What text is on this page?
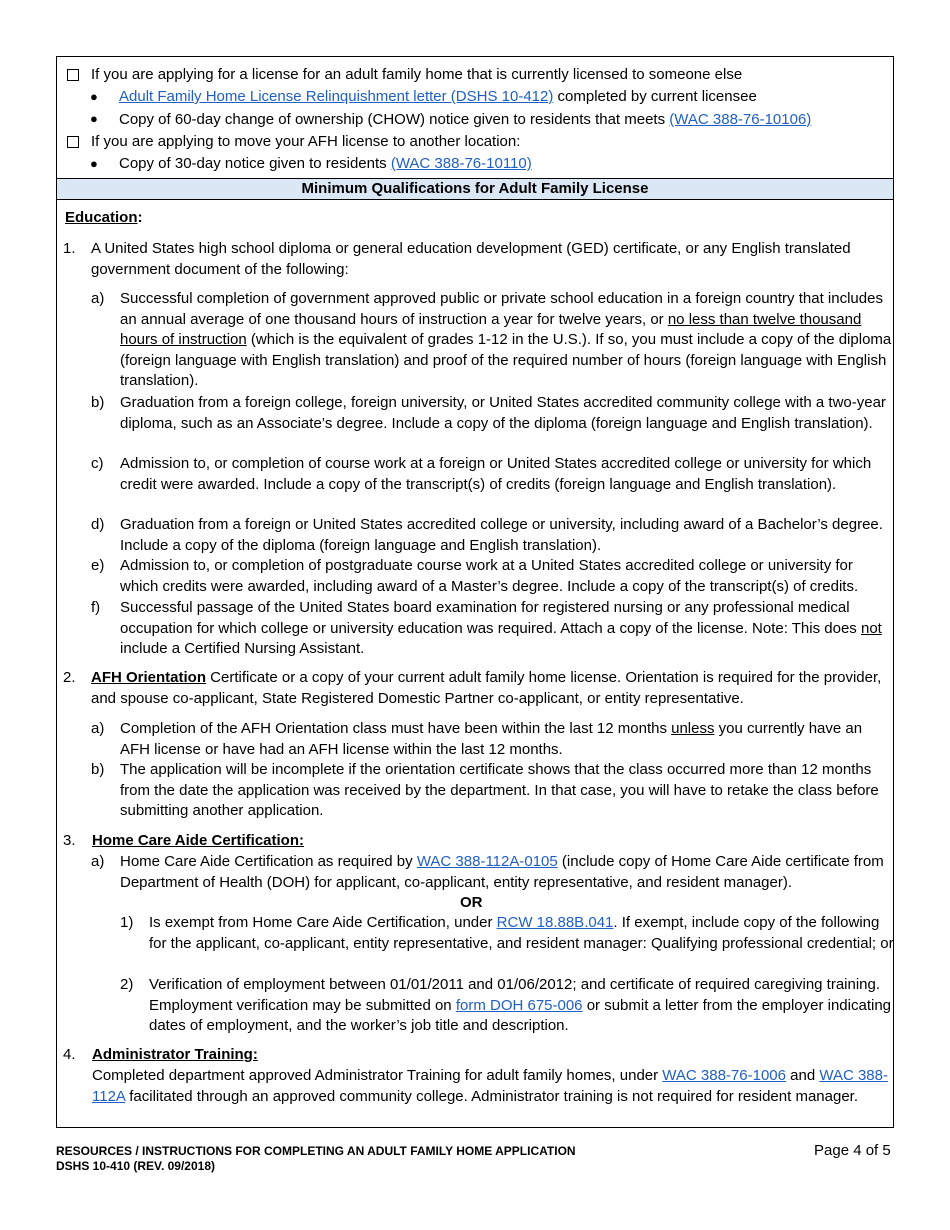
If you are applying for a license for an adult family home that is currently licensed to someone else
● Adult Family Home License Relinquishment letter (DSHS 10-412) completed by current licensee
● Copy of 60-day change of ownership (CHOW) notice given to residents that meets (WAC 388-76-10106)
If you are applying to move your AFH license to another location:
● Copy of 30-day notice given to residents (WAC 388-76-10110)
Minimum Qualifications for Adult Family License
Education:
1. A United States high school diploma or general education development (GED) certificate, or any English translated government document of the following:
a) Successful completion of government approved public or private school education in a foreign country that includes an annual average of one thousand hours of instruction a year for twelve years, or no less than twelve thousand hours of instruction (which is the equivalent of grades 1-12 in the U.S.). If so, you must include a copy of the diploma (foreign language with English translation) and proof of the required number of hours (foreign language with English translation).
b) Graduation from a foreign college, foreign university, or United States accredited community college with a two-year diploma, such as an Associate’s degree. Include a copy of the diploma (foreign language and English translation).
c) Admission to, or completion of course work at a foreign or United States accredited college or university for which credit were awarded. Include a copy of the transcript(s) of credits (foreign language and English translation).
d) Graduation from a foreign or United States accredited college or university, including award of a Bachelor’s degree. Include a copy of the diploma (foreign language and English translation).
e) Admission to, or completion of postgraduate course work at a United States accredited college or university for which credits were awarded, including award of a Master’s degree. Include a copy of the transcript(s) of credits.
f) Successful passage of the United States board examination for registered nursing or any professional medical occupation for which college or university education was required. Attach a copy of the license. Note: This does not include a Certified Nursing Assistant.
2. AFH Orientation Certificate or a copy of your current adult family home license. Orientation is required for the provider, and spouse co-applicant, State Registered Domestic Partner co-applicant, or entity representative.
a) Completion of the AFH Orientation class must have been within the last 12 months unless you currently have an AFH license or have had an AFH license within the last 12 months.
b) The application will be incomplete if the orientation certificate shows that the class occurred more than 12 months from the date the application was received by the department. In that case, you will have to retake the class before submitting another application.
3. Home Care Aide Certification:
a) Home Care Aide Certification as required by WAC 388-112A-0105 (include copy of Home Care Aide certificate from Department of Health (DOH) for applicant, co-applicant, entity representative, and resident manager).
OR
1) Is exempt from Home Care Aide Certification, under RCW 18.88B.041. If exempt, include copy of the following for the applicant, co-applicant, entity representative, and resident manager: Qualifying professional credential; or
2) Verification of employment between 01/01/2011 and 01/06/2012; and certificate of required caregiving training. Employment verification may be submitted on form DOH 675-006 or submit a letter from the employer indicating dates of employment, and the worker’s job title and description.
4. Administrator Training:
Completed department approved Administrator Training for adult family homes, under WAC 388-76-1006 and WAC 388-112A facilitated through an approved community college. Administrator training is not required for resident manager.
RESOURCES / INSTRUCTIONS FOR COMPLETING AN ADULT FAMILY HOME APPLICATION
DSHS 10-410 (REV. 09/2018)
Page 4 of 5
